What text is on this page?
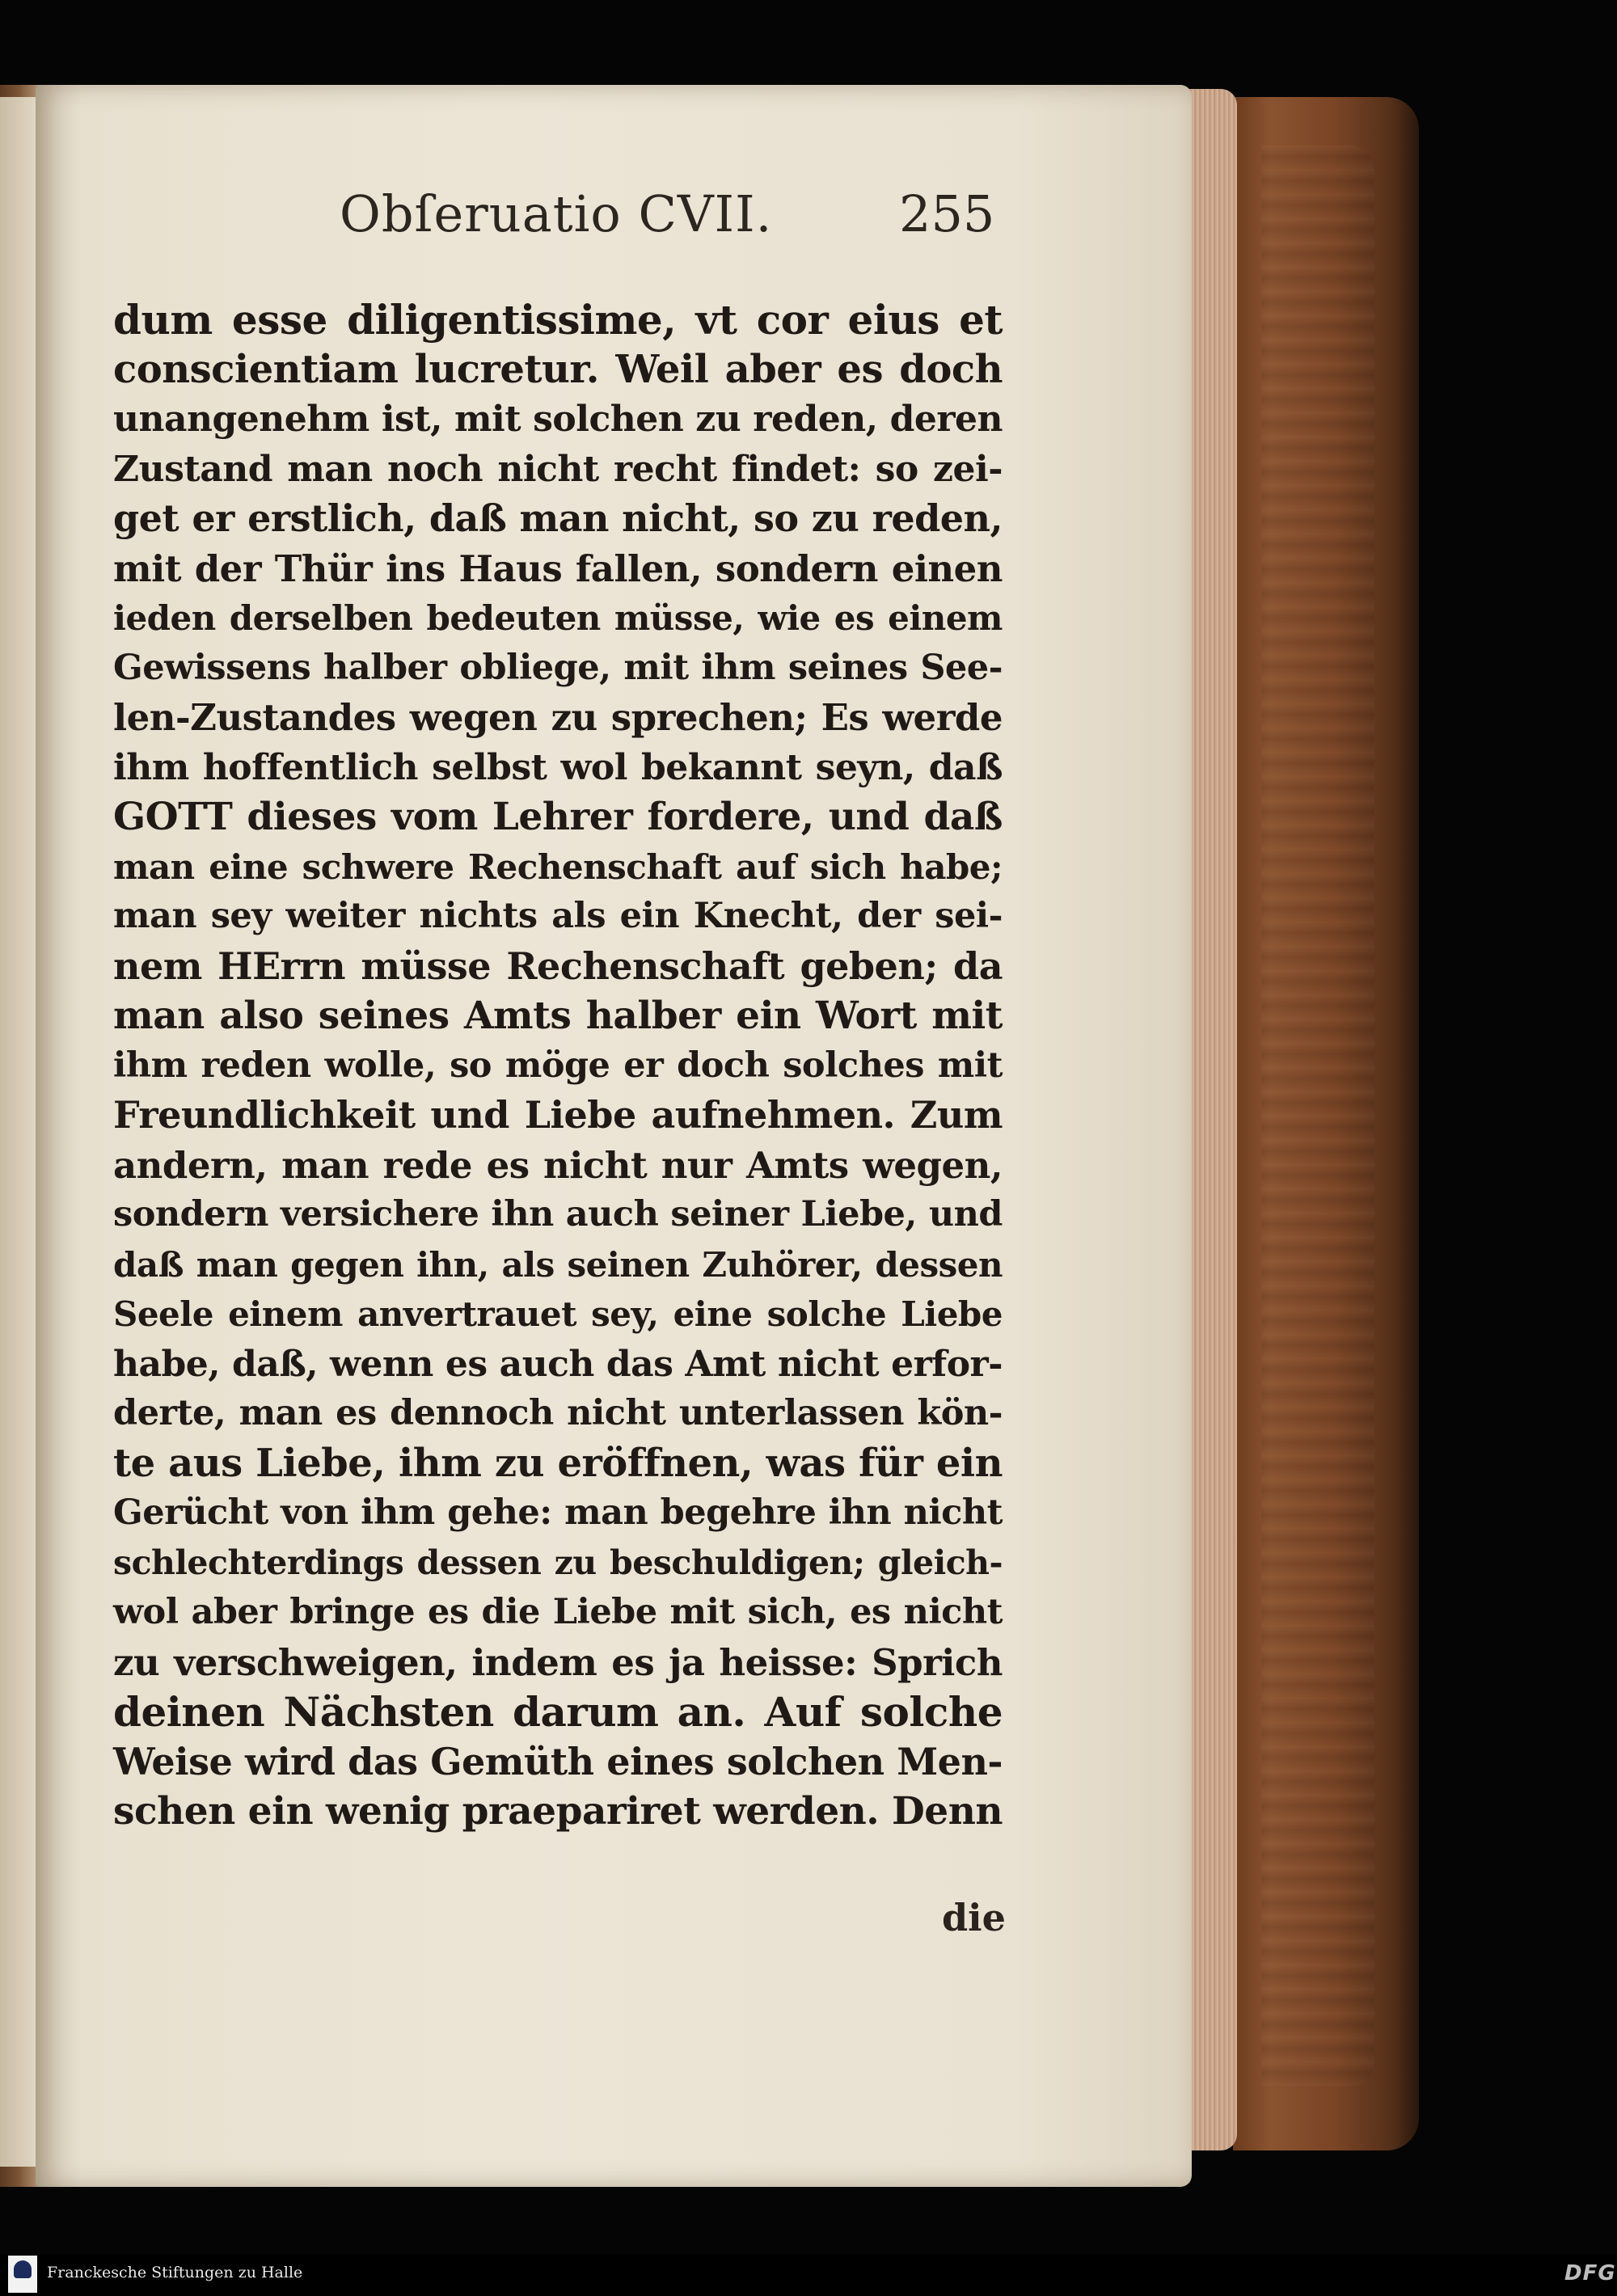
Obſeruatio CVII.	255
dum esse diligentissime, vt cor eius et
conscientiam lucretur. Weil aber es doch
unangenehm ist, mit solchen zu reden, deren
Zustand man noch nicht recht findet: so zei-
get er erstlich, daß man nicht, so zu reden,
mit der Thür ins Haus fallen, sondern einen
ieden derselben bedeuten müsse, wie es einem
Gewissens halber obliege, mit ihm seines See-
len-Zustandes wegen zu sprechen; Es werde
ihm hoffentlich selbst wol bekannt seyn, daß
GOTT dieses vom Lehrer fordere, und daß
man eine schwere Rechenschaft auf sich habe;
man sey weiter nichts als ein Knecht, der sei-
nem HErrn müsse Rechenschaft geben; da
man also seines Amts halber ein Wort mit
ihm reden wolle, so möge er doch solches mit
Freundlichkeit und Liebe aufnehmen. Zum
andern, man rede es nicht nur Amts wegen,
sondern versichere ihn auch seiner Liebe, und
daß man gegen ihn, als seinen Zuhörer, dessen
Seele einem anvertrauet sey, eine solche Liebe
habe, daß, wenn es auch das Amt nicht erfor-
derte, man es dennoch nicht unterlassen kön-
te aus Liebe, ihm zu eröffnen, was für ein
Gerücht von ihm gehe: man begehre ihn nicht
schlechterdings dessen zu beschuldigen; gleich-
wol aber bringe es die Liebe mit sich, es nicht
zu verschweigen, indem es ja heisse: Sprich
deinen Nächsten darum an. Auf solche
Weise wird das Gemüth eines solchen Men-
schen ein wenig praepariret werden. Denn
die
Franckesche Stiftungen zu Halle	DFG
